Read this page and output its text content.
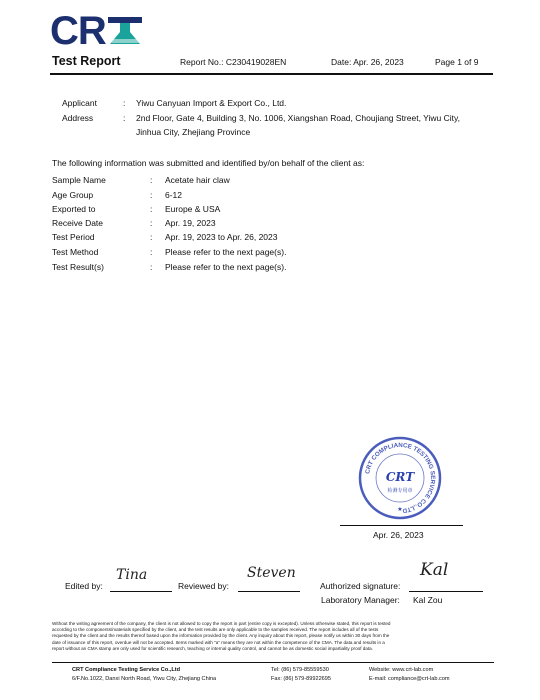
CR
Test Report	Report No.: C230419028EN	Date: Apr. 26, 2023	Page 1 of 9
Applicant	: Yiwu Canyuan Import & Export Co., Ltd.
Address	: 2nd Floor, Gate 4, Building 3, No. 1006, Xiangshan Road, Choujiang Street, Yiwu City,
Jinhua City, Zhejiang Province
The following information was submitted and identified by/on behalf of the client as:
Sample Name	: Acetate hair claw
Age Group	: 6-12
Exported to	: Europe & USA
Receive Date	: Apr. 19, 2023
Test Period	: Apr. 19, 2023 to Apr. 26, 2023
Test Method	: Please refer to the next page(s).
Test Result(s)	: Please refer to the next page(s).
CRT COMPLIANCE TESTING SERVICE CO.,LTD
CRT
检测专用章
★
Apr. 26, 2023
Edited by:
Tina
Reviewed by:
Steven
Authorized signature:
Kal
Laboratory Manager: Kal Zou
Without the writing agreement of the company, the client is not allowed to copy the report in part (entire copy is excepted). Unless otherwise stated, this report is tested
according to the components/materials specified by the client, and the test results are only applicable to the samples received. The report includes all of the tests
requested by the client and the results thereof based upon the information provided by the client. Any inquiry about this report, please notify us within 30 days from the
date of issuance of this report, overdue will not be accepted. Items marked with "a" means they are not within the competence of the CMA. The data and results in a
report without an CMA stamp are only used for scientific research, teaching or internal quality control, and cannot be as domestic social impartiality proof data.
CRT Compliance Testing Service Co.,Ltd
6/F.No.1022, Danxi North Road, Yiwu City, Zhejiang China
Tel: (86) 579-85559530
Fax: (86) 579-89922695
Website: www.crt-lab.com
E-mail: compliance@crt-lab.com
